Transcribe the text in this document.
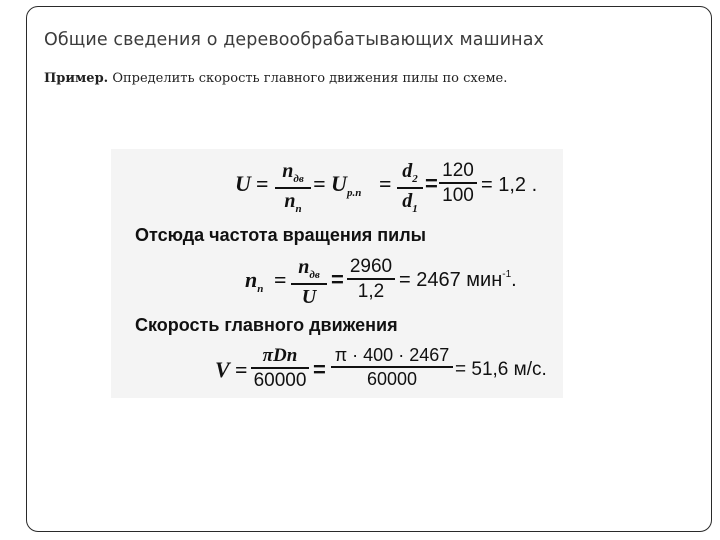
Общие сведения о деревообрабатывающих машинах
Пример. Определить скорость главного движения пилы по схеме.
$U = n_{дв}$
$n_п$
= $U_{р.п} = d_2$
$d_1$
=
120
100 = 1,2 .
Отсюда частота вращения пилы
$n_п = n_{дв}$
U
=
2960
1,2
= 2467 мин$^{-1}$.
Скорость главного движения
V =
πDn
60000 =
π · 400 · 2467
60000	= 51,6 м/с.
